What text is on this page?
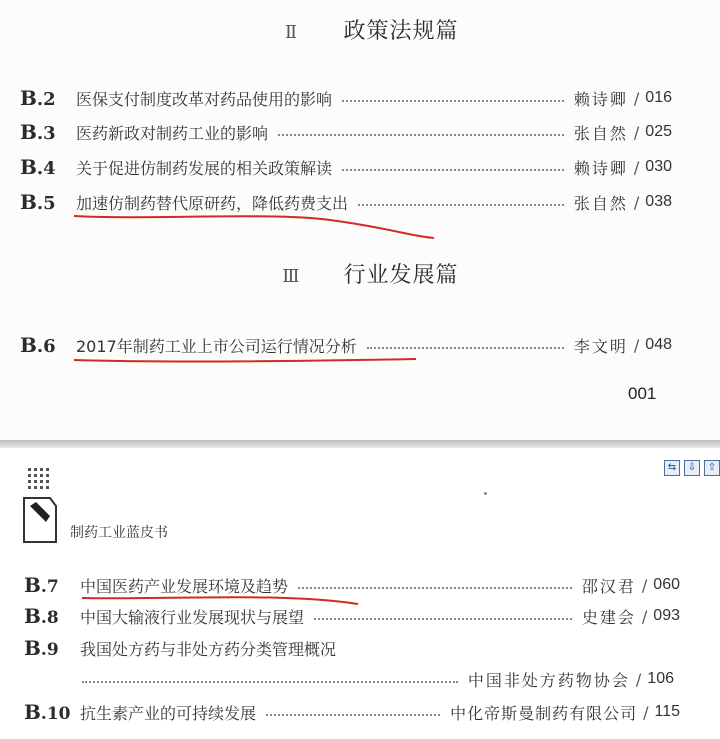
Ⅱ 政策法规篇
B.2	医保支付制度改革对药品使用的影响	赖诗卿 / 016
B.3	医药新政对制药工业的影响	张自然 / 025
B.4	关于促进仿制药发展的相关政策解读	赖诗卿 / 030
B.5	加速仿制药替代原研药，降低药费支出	张自然 / 038
Ⅲ 行业发展篇
B.6	2017年制药工业上市公司运行情况分析	李文明 / 048
001
⇆	⇩	⇧
制药工业蓝皮书
B.7	中国医药产业发展环境及趋势	邵汉君 / 060
B.8	中国大输液行业发展现状与展望	史建会 / 093
B.9	我国处方药与非处方药分类管理概况
中国非处方药物协会 / 106
B.10 抗生素产业的可持续发展	中化帝斯曼制药有限公司 / 115
